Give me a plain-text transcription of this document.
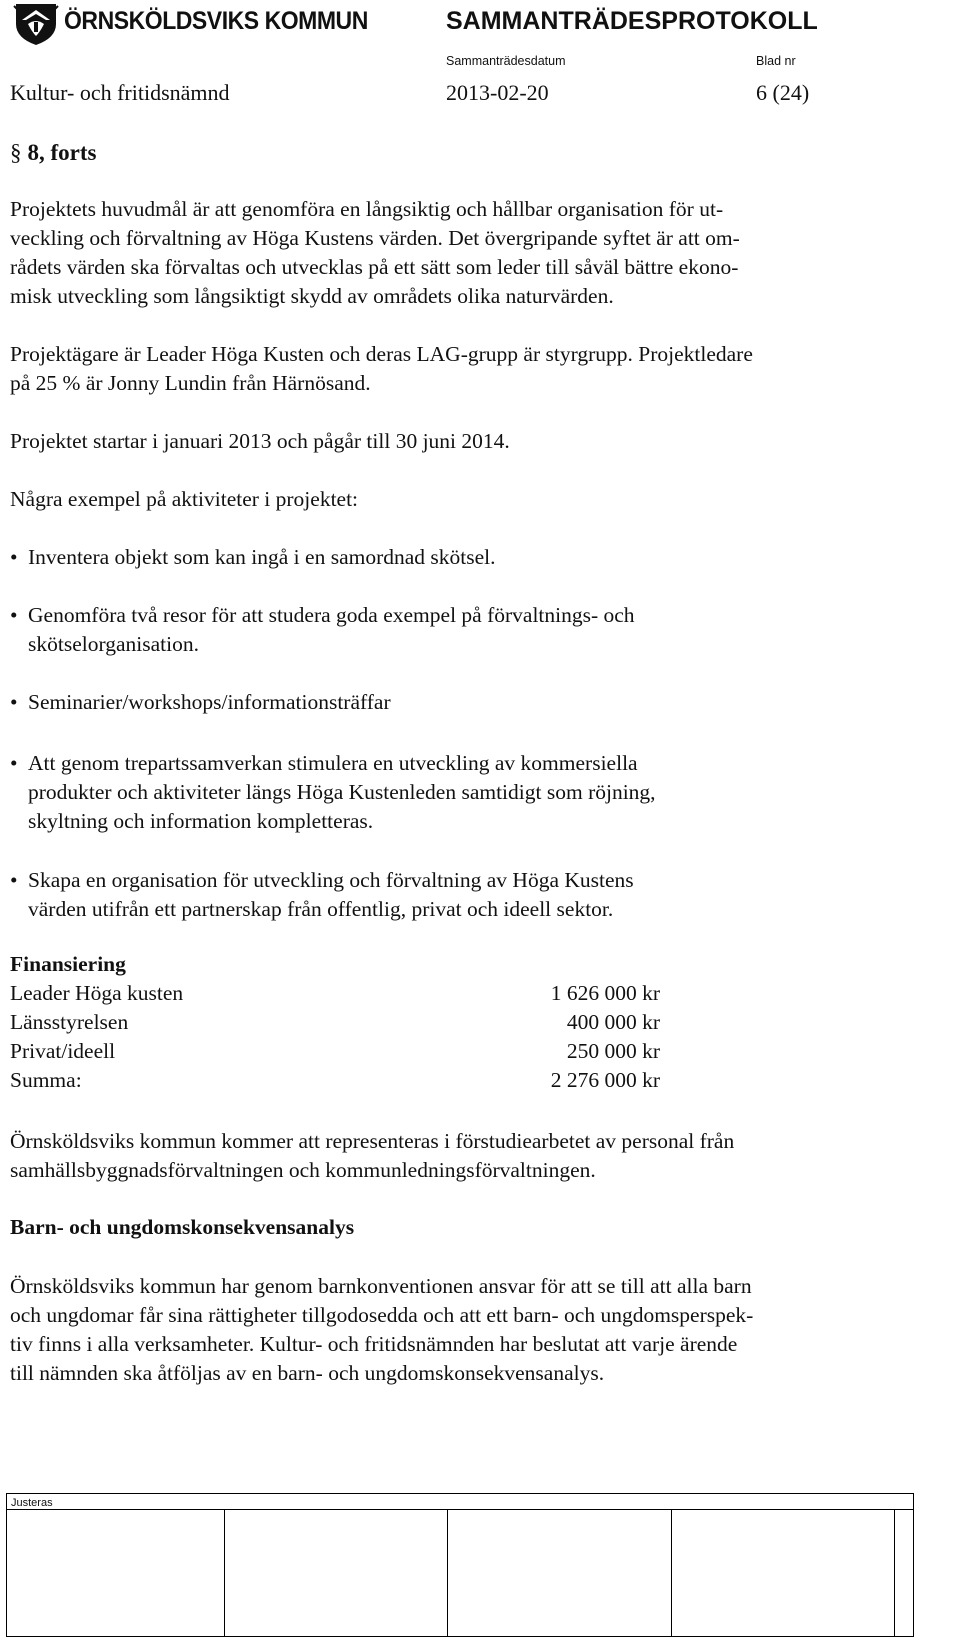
ÖRNSKÖLDSVIKS KOMMUN	SAMMANTRÄDESPROTOKOLL
Sammanträdesdatum	Blad nr
Kultur- och fritidsnämnd	2013-02-20	6 (24)
§ 8, forts
Projektets huvudmål är att genomföra en långsiktig och hållbar organisation för ut-
veckling och förvaltning av Höga Kustens värden. Det övergripande syftet är att om-
rådets värden ska förvaltas och utvecklas på ett sätt som leder till såväl bättre ekono-
misk utveckling som långsiktigt skydd av områdets olika naturvärden.
Projektägare är Leader Höga Kusten och deras LAG-grupp är styrgrupp. Projektledare
på 25 % är Jonny Lundin från Härnösand.
Projektet startar i januari 2013 och pågår till 30 juni 2014.
Några exempel på aktiviteter i projektet:
• Inventera objekt som kan ingå i en samordnad skötsel.
• Genomföra två resor för att studera goda exempel på förvaltnings- och
skötselorganisation.
• Seminarier/workshops/informationsträffar
• Att genom trepartssamverkan stimulera en utveckling av kommersiella
produkter och aktiviteter längs Höga Kustenleden samtidigt som röjning,
skyltning och information kompletteras.
• Skapa en organisation för utveckling och förvaltning av Höga Kustens
värden utifrån ett partnerskap från offentlig, privat och ideell sektor.
Finansiering
Leader Höga kusten	1 626 000 kr
Länsstyrelsen	400 000 kr
Privat/ideell	250 000 kr
Summa:	2 276 000 kr
Örnsköldsviks kommun kommer att representeras i förstudiearbetet av personal från
samhällsbyggnadsförvaltningen och kommunledningsförvaltningen.
Barn- och ungdomskonsekvensanalys
Örnsköldsviks kommun har genom barnkonventionen ansvar för att se till att alla barn
och ungdomar får sina rättigheter tillgodosedda och att ett barn- och ungdomsperspek-
tiv finns i alla verksamheter. Kultur- och fritidsnämnden har beslutat att varje ärende
till nämnden ska åtföljas av en barn- och ungdomskonsekvensanalys.
Justeras
